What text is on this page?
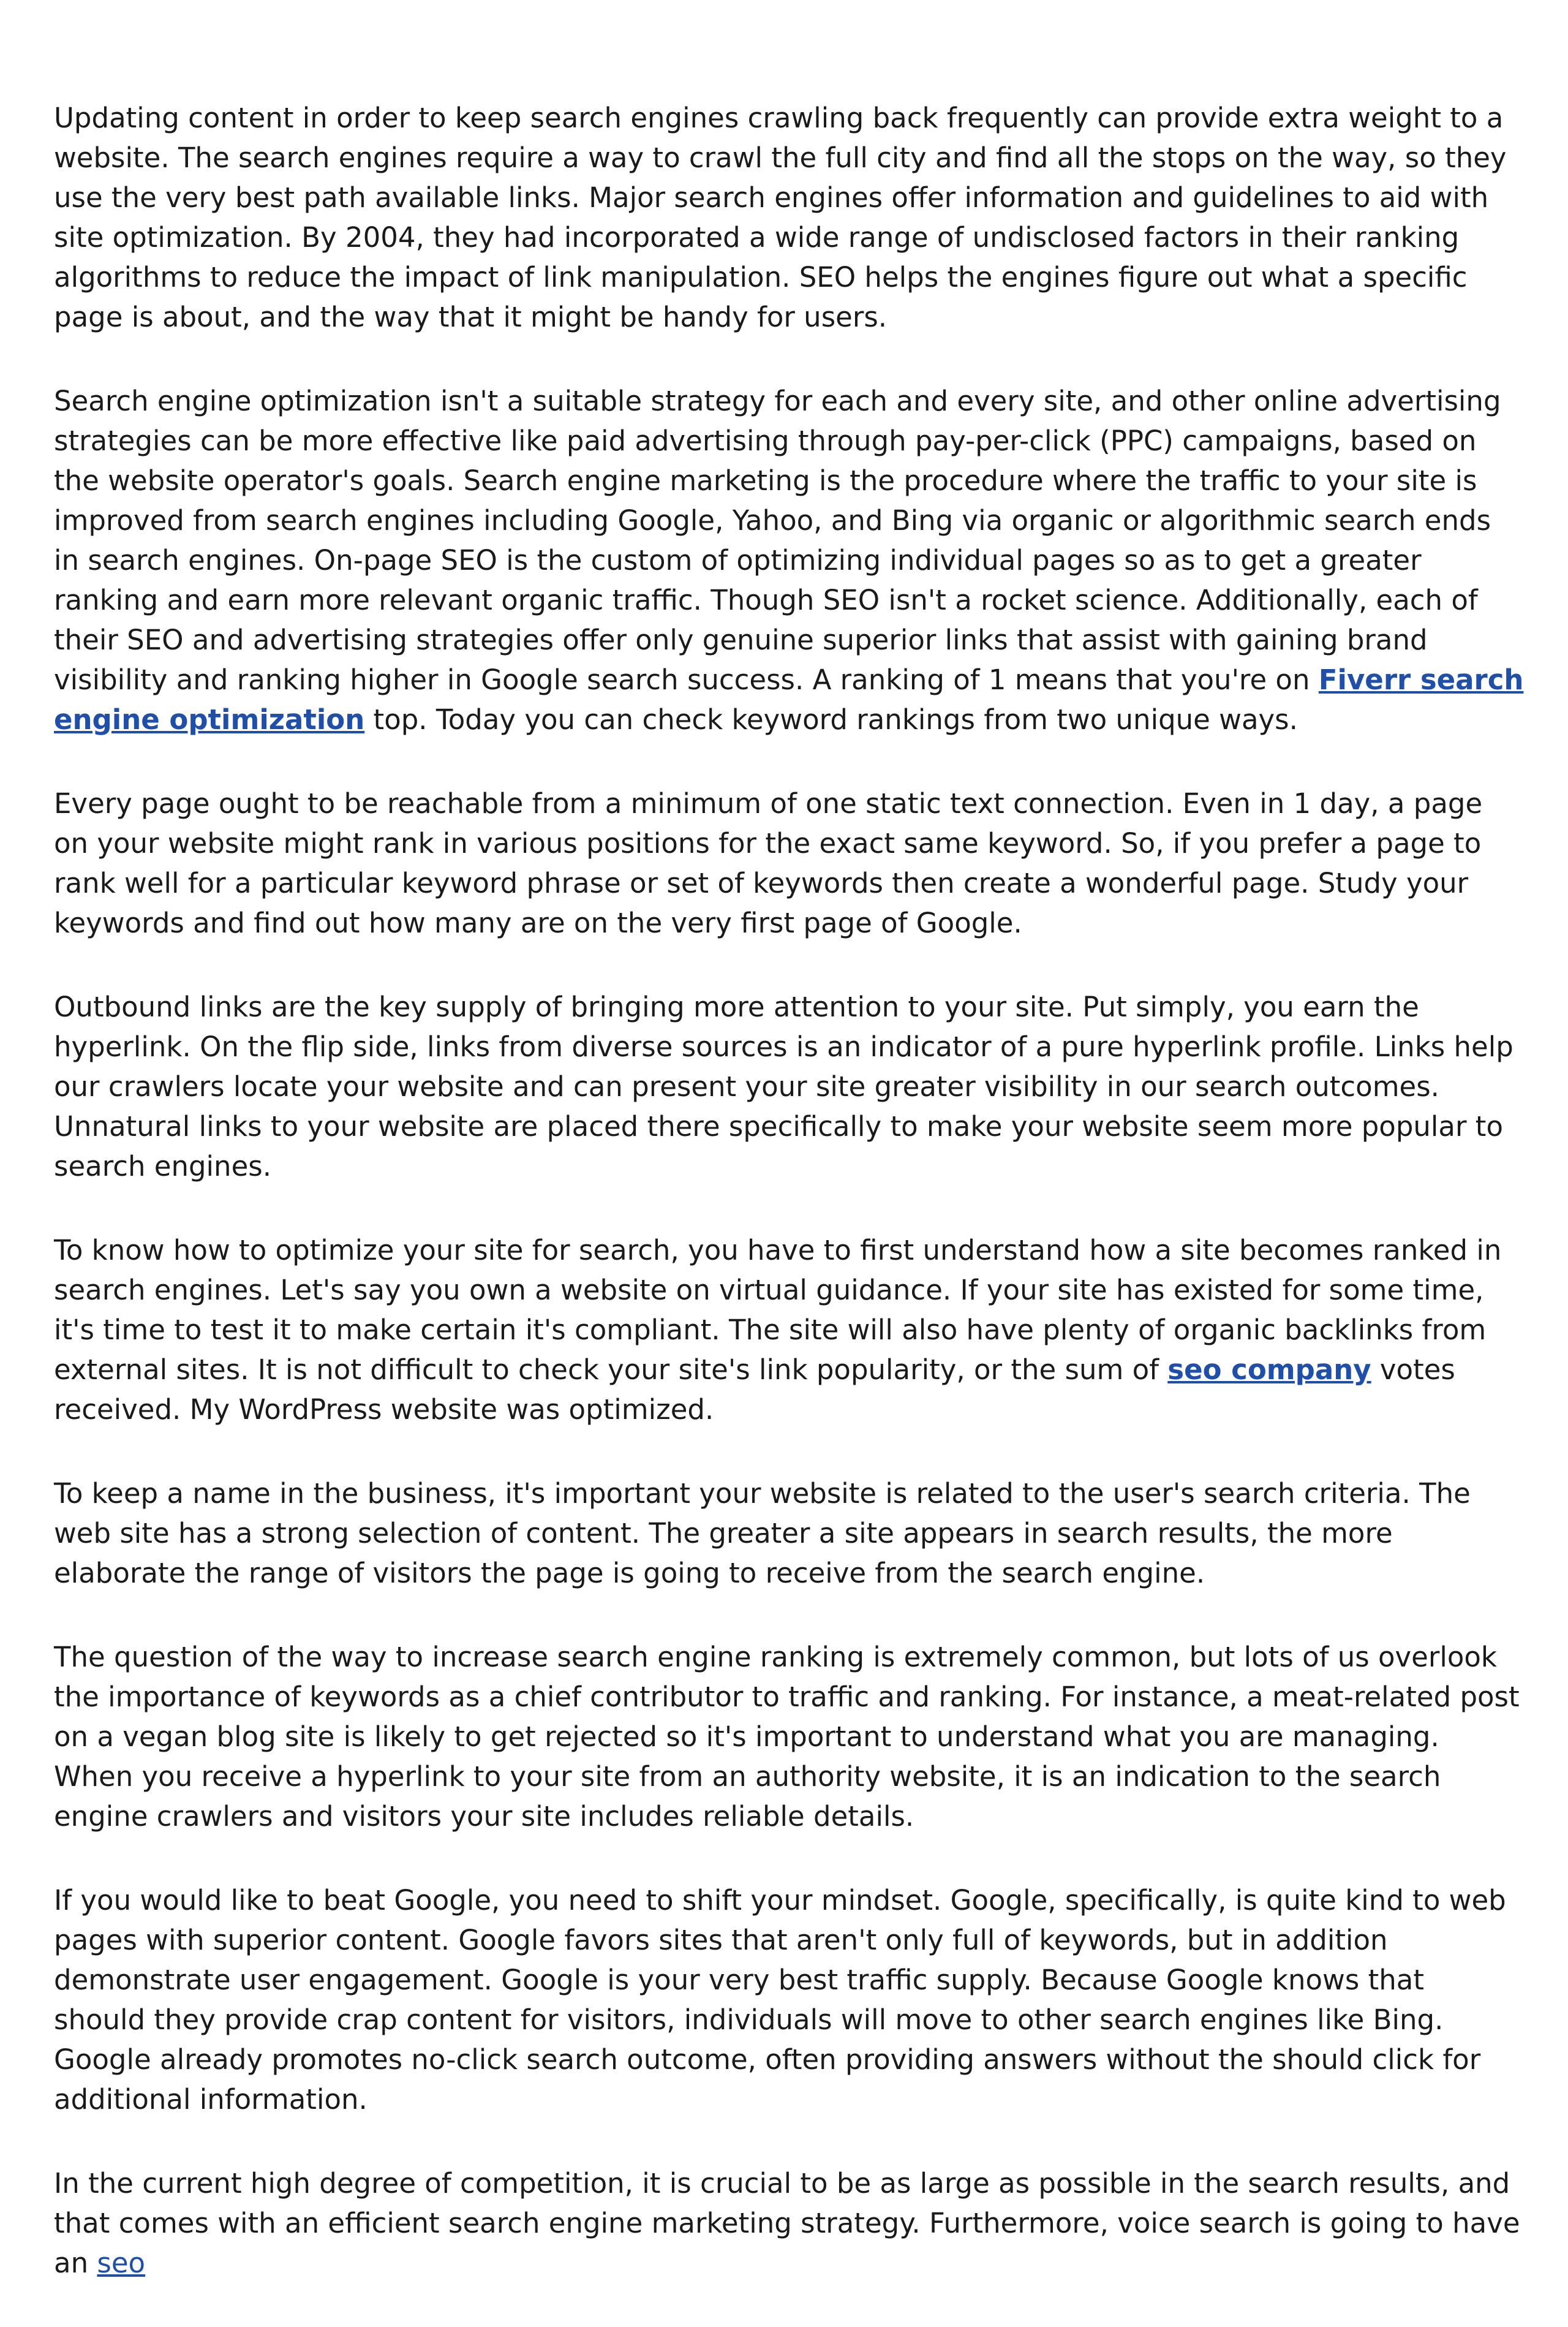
Updating content in order to keep search engines crawling back frequently can provide extra weight to a website. The search engines require a way to crawl the full city and find all the stops on the way, so they use the very best path available links. Major search engines offer information and guidelines to aid with site optimization. By 2004, they had incorporated a wide range of undisclosed factors in their ranking algorithms to reduce the impact of link manipulation. SEO helps the engines figure out what a specific page is about, and the way that it might be handy for users.

Search engine optimization isn't a suitable strategy for each and every site, and other online advertising strategies can be more effective like paid advertising through pay-per-click (PPC) campaigns, based on the website operator's goals. Search engine marketing is the procedure where the traffic to your site is improved from search engines including Google, Yahoo, and Bing via organic or algorithmic search ends in search engines. On-page SEO is the custom of optimizing individual pages so as to get a greater ranking and earn more relevant organic traffic. Though SEO isn't a rocket science. Additionally, each of their SEO and advertising strategies offer only genuine superior links that assist with gaining brand visibility and ranking higher in Google search success. A ranking of 1 means that you're on Fiverr search engine optimization top. Today you can check keyword rankings from two unique ways.

Every page ought to be reachable from a minimum of one static text connection. Even in 1 day, a page on your website might rank in various positions for the exact same keyword. So, if you prefer a page to rank well for a particular keyword phrase or set of keywords then create a wonderful page. Study your keywords and find out how many are on the very first page of Google.

Outbound links are the key supply of bringing more attention to your site. Put simply, you earn the hyperlink. On the flip side, links from diverse sources is an indicator of a pure hyperlink profile. Links help our crawlers locate your website and can present your site greater visibility in our search outcomes. Unnatural links to your website are placed there specifically to make your website seem more popular to search engines.

To know how to optimize your site for search, you have to first understand how a site becomes ranked in search engines. Let's say you own a website on virtual guidance. If your site has existed for some time, it's time to test it to make certain it's compliant. The site will also have plenty of organic backlinks from external sites. It is not difficult to check your site's link popularity, or the sum of seo company votes received. My WordPress website was optimized.

To keep a name in the business, it's important your website is related to the user's search criteria. The web site has a strong selection of content. The greater a site appears in search results, the more elaborate the range of visitors the page is going to receive from the search engine.

The question of the way to increase search engine ranking is extremely common, but lots of us overlook the importance of keywords as a chief contributor to traffic and ranking. For instance, a meat-related post on a vegan blog site is likely to get rejected so it's important to understand what you are managing. When you receive a hyperlink to your site from an authority website, it is an indication to the search engine crawlers and visitors your site includes reliable details.

If you would like to beat Google, you need to shift your mindset. Google, specifically, is quite kind to web pages with superior content. Google favors sites that aren't only full of keywords, but in addition demonstrate user engagement. Google is your very best traffic supply. Because Google knows that should they provide crap content for visitors, individuals will move to other search engines like Bing. Google already promotes no-click search outcome, often providing answers without the should click for additional information.

In the current high degree of competition, it is crucial to be as large as possible in the search results, and that comes with an efficient search engine marketing strategy. Furthermore, voice search is going to have an seo
